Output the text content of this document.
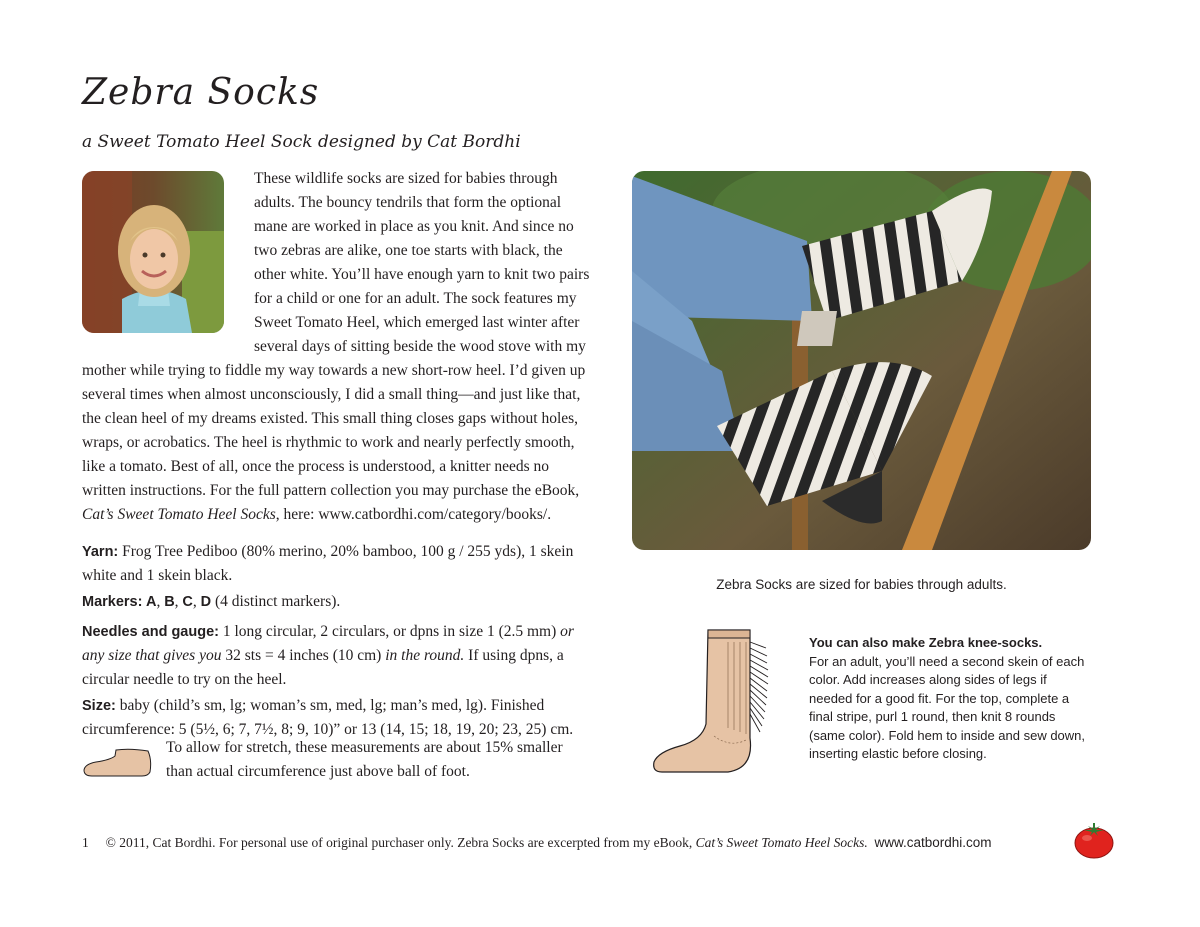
Zebra Socks
a Sweet Tomato Heel Sock designed by Cat Bordhi

These wildlife socks are sized for babies through adults. The bouncy tendrils that form the optional mane are worked in place as you knit. And since no two zebras are alike, one toe starts with black, the other white. You’ll have enough yarn to knit two pairs for a child or one for an adult. The sock features my Sweet Tomato Heel, which emerged last winter after several days of sitting beside the wood stove with my mother while trying to fiddle my way towards a new short-row heel. I’d given up several times when almost unconsciously, I did a small thing—and just like that, the clean heel of my dreams existed. This small thing closes gaps without holes, wraps, or acrobatics. The heel is rhythmic to work and nearly perfectly smooth, like a tomato. Best of all, once the process is understood, a knitter needs no written instructions. For the full pattern collection you may purchase the eBook, Cat’s Sweet Tomato Heel Socks, here: www.catbordhi.com/category/books/.

Yarn: Frog Tree Pediboo (80% merino, 20% bamboo, 100 g / 255 yds), 1 skein white and 1 skein black.

Markers: A, B, C, D (4 distinct markers).

Needles and gauge: 1 long circular, 2 circulars, or dpns in size 1 (2.5 mm) or any size that gives you 32 sts = 4 inches (10 cm) in the round. If using dpns, a circular needle to try on the heel.

Size: baby (child’s sm, lg; woman’s sm, med, lg; man’s med, lg). Finished circumference: 5 (5½, 6; 7, 7½, 8; 9, 10)” or 13 (14, 15; 18, 19, 20; 23, 25) cm.

To allow for stretch, these measurements are about 15% smaller than actual circumference just above ball of foot.
Zebra Socks are sized for babies through adults.
You can also make Zebra knee-socks.
For an adult, you’ll need a second skein of each color. Add increases along sides of legs if needed for a good fit. For the top, complete a final stripe, purl 1 round, then knit 8 rounds (same color). Fold hem to inside and sew down, inserting elastic before closing.
1 © 2011, Cat Bordhi. For personal use of original purchaser only. Zebra Socks are excerpted from my eBook, Cat’s Sweet Tomato Heel Socks. www.catbordhi.com
